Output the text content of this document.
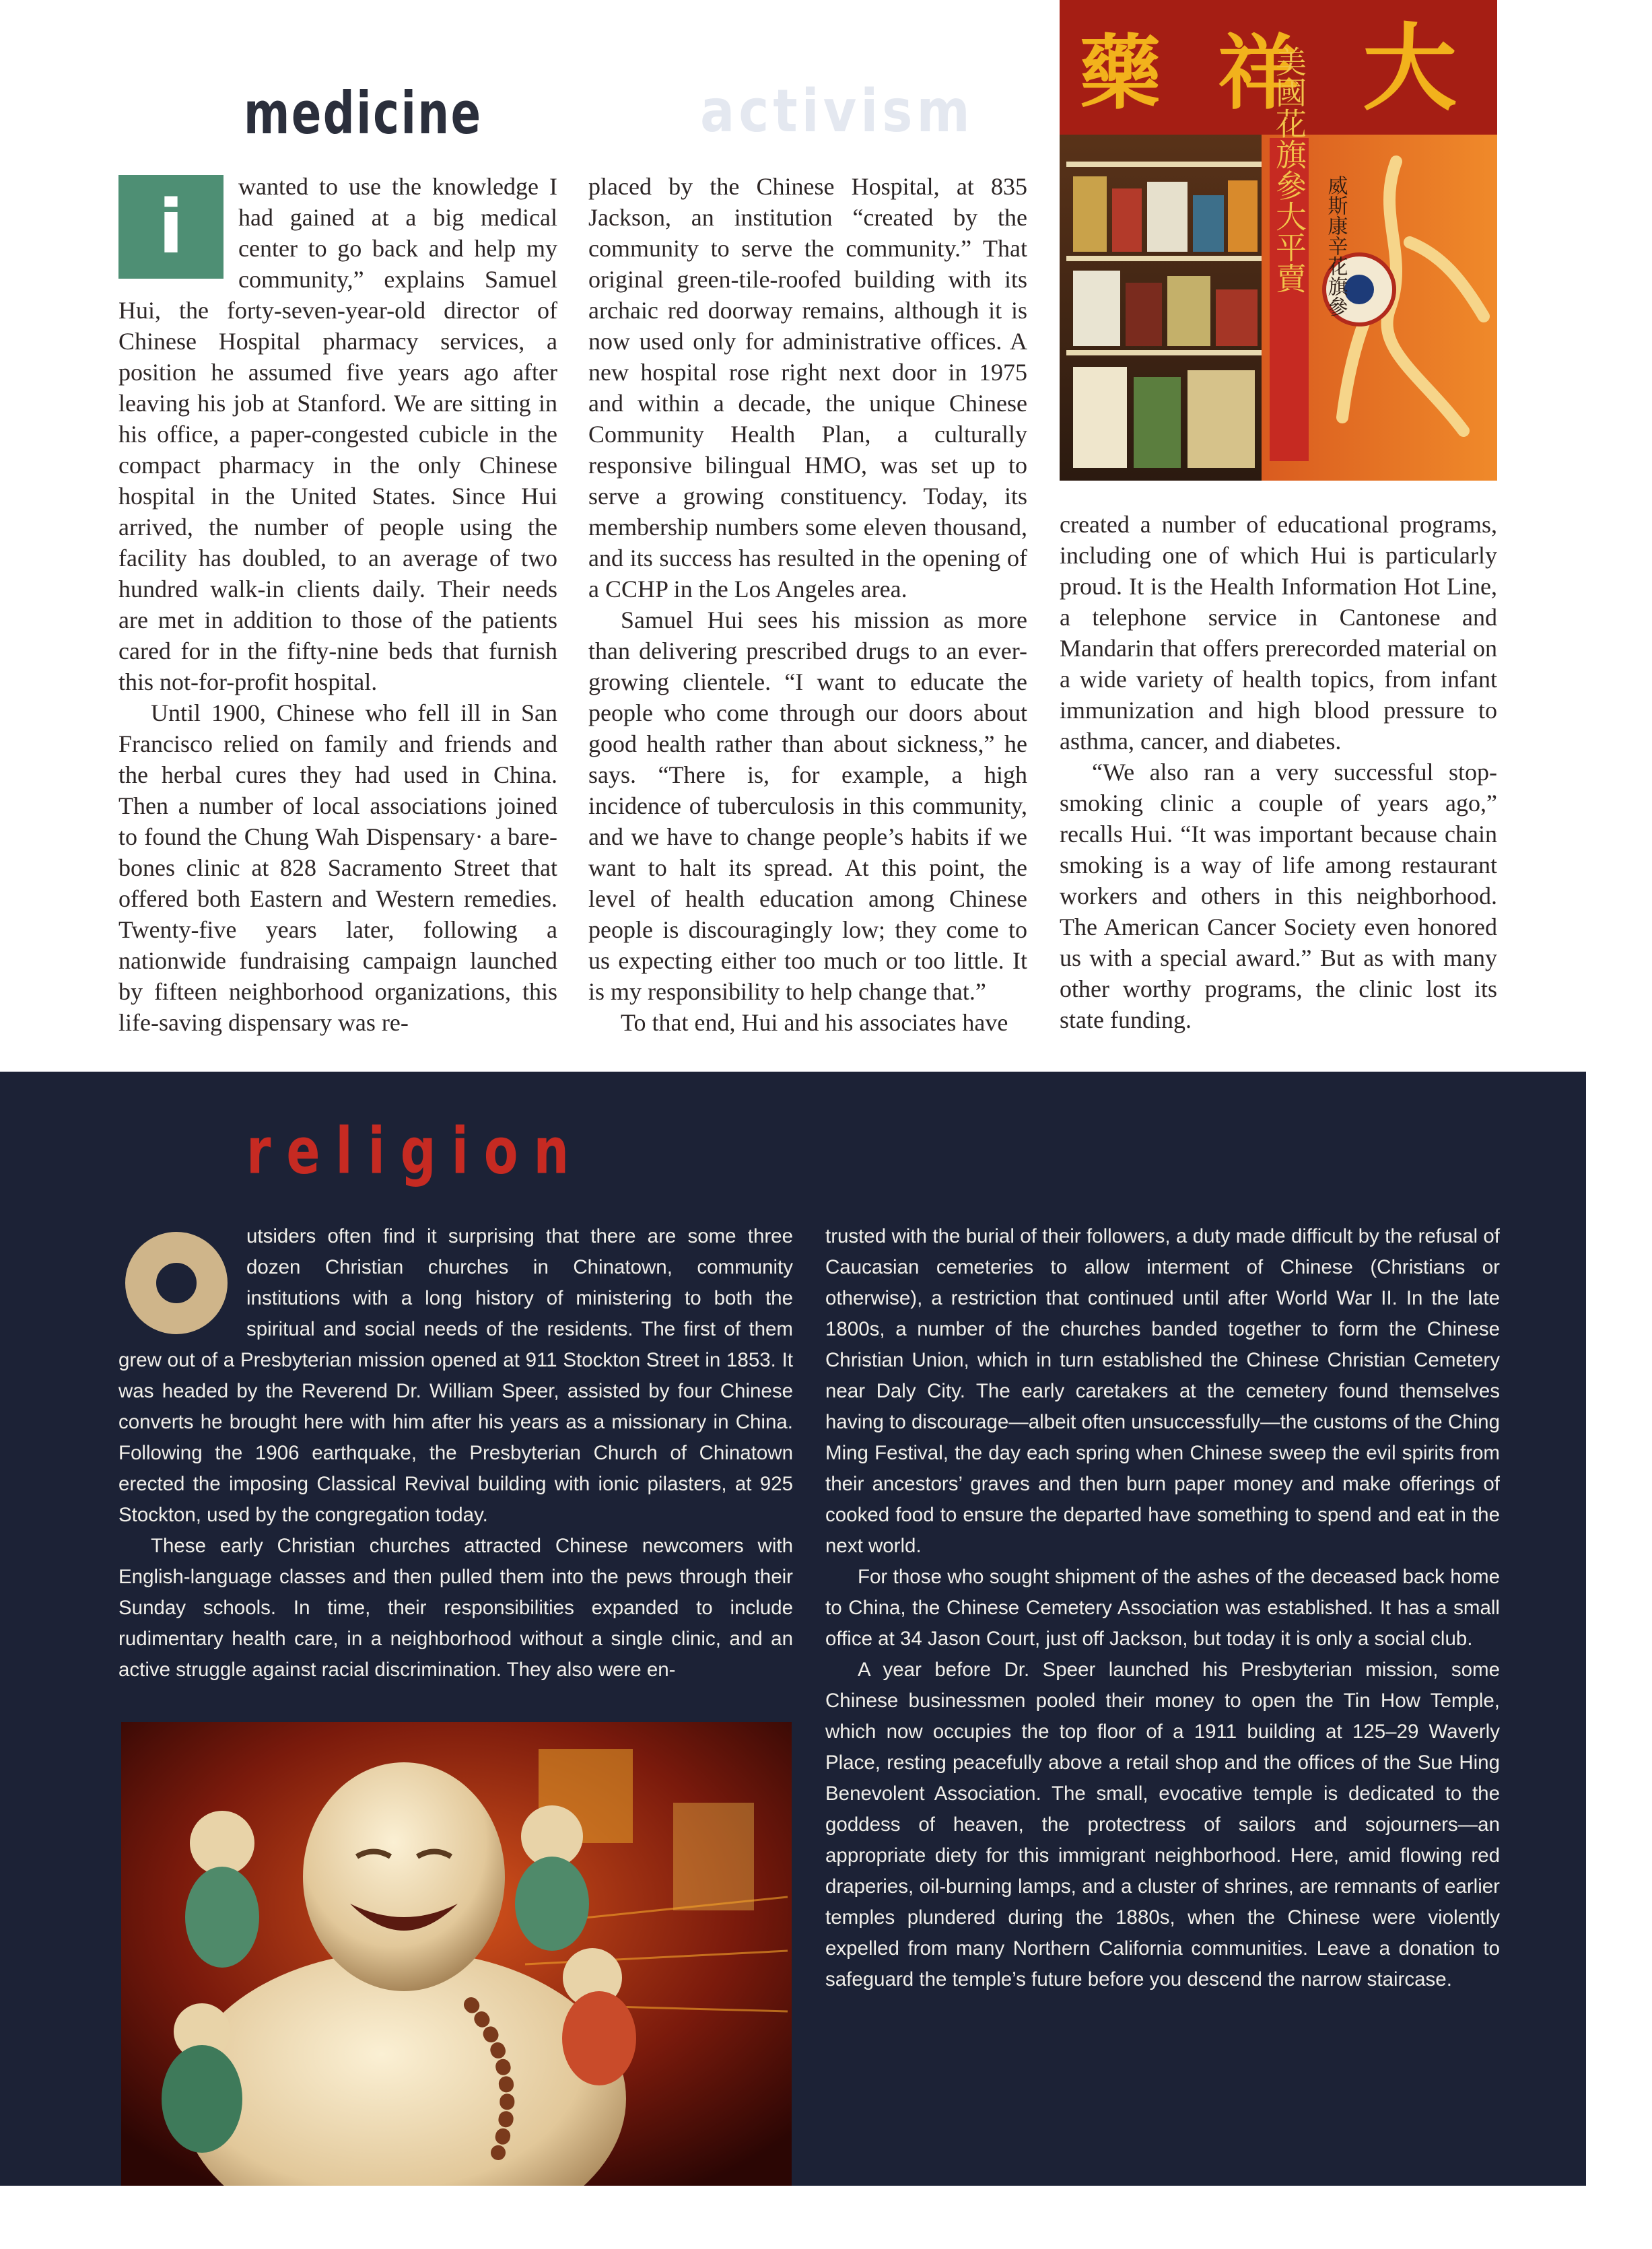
activism
medicine
i	wanted to use the knowledge I had gained at a big medical center to go back and help my community,” explains Samuel Hui, the forty-seven-year-old director of Chinese Hospital pharmacy services, a position he assumed five years ago after leaving his job at Stanford. We are sitting in his office, a paper-congested cubicle in the compact pharmacy in the only Chinese hospital in the United States. Since Hui arrived, the number of people using the facility has doubled, to an average of two hundred walk-in clients daily. Their needs are met in addition to those of the patients cared for in the fifty-nine beds that furnish this not-for-profit hospital.

Until 1900, Chinese who fell ill in San Francisco relied on family and friends and the herbal cures they had used in China. Then a number of local associations joined to found the Chung Wah Dispensary· a bare-bones clinic at 828 Sacramento Street that offered both Eastern and Western remedies. Twenty-five years later, following a nationwide fundraising campaign launched by fifteen neighborhood organizations, this life-saving dispensary was re-

placed by the Chinese Hospital, at 835 Jackson, an institution “created by the community to serve the community.” That original green-tile-roofed building with its archaic red doorway remains, although it is now used only for administrative offices. A new hospital rose right next door in 1975 and within a decade, the unique Chinese Community Health Plan, a culturally responsive bilingual HMO, was set up to serve a growing constituency. Today, its membership numbers some eleven thousand, and its success has resulted in the opening of a CCHP in the Los Angeles area.

Samuel Hui sees his mission as more than delivering prescribed drugs to an ever-growing clientele. “I want to educate the people who come through our doors about good health rather than about sickness,” he says. “There is, for example, a high incidence of tuberculosis in this community, and we have to change people’s habits if we want to halt its spread. At this point, the level of health education among Chinese people is discouragingly low; they come to us expecting either too much or too little. It is my responsibility to help change that.”

To that end, Hui and his associates have

藥 祥 大
美國花旗參大平賣 威斯康辛花旗參

created a number of educational programs, including one of which Hui is particularly proud. It is the Health Information Hot Line, a telephone service in Cantonese and Mandarin that offers prerecorded material on a wide variety of health topics, from infant immunization and high blood pressure to asthma, cancer, and diabetes.

“We also ran a very successful stop-smoking clinic a couple of years ago,” recalls Hui. “It was important because chain smoking is a way of life among restaurant workers and others in this neighborhood. The American Cancer Society even honored us with a special award.” But as with many other worthy programs, the clinic lost its state funding.

religion

utsiders often find it surprising that there are some three dozen Christian churches in Chinatown, community institutions with a long history of ministering to both the spiritual and social needs of the residents. The first of them grew out of a Presbyterian mission opened at 911 Stockton Street in 1853. It was headed by the Reverend Dr. William Speer, assisted by four Chinese converts he brought here with him after his years as a missionary in China. Following the 1906 earthquake, the Presbyterian Church of Chinatown erected the imposing Classical Revival building with ionic pilasters, at 925 Stockton, used by the congregation today.

These early Christian churches attracted Chinese newcomers with English-language classes and then pulled them into the pews through their Sunday schools. In time, their responsibilities expanded to include rudimentary health care, in a neighborhood without a single clinic, and an active struggle against racial discrimination. They also were en-

trusted with the burial of their followers, a duty made difficult by the refusal of Caucasian cemeteries to allow interment of Chinese (Christians or otherwise), a restriction that continued until after World War II. In the late 1800s, a number of the churches banded together to form the Chinese Christian Union, which in turn established the Chinese Christian Cemetery near Daly City. The early caretakers at the cemetery found themselves having to discourage—albeit often unsuccessfully—the customs of the Ching Ming Festival, the day each spring when Chinese sweep the evil spirits from their ancestors’ graves and then burn paper money and make offerings of cooked food to ensure the departed have something to spend and eat in the next world.

For those who sought shipment of the ashes of the deceased back home to China, the Chinese Cemetery Association was established. It has a small office at 34 Jason Court, just off Jackson, but today it is only a social club.

A year before Dr. Speer launched his Presbyterian mission, some Chinese businessmen pooled their money to open the Tin How Temple, which now occupies the top floor of a 1911 building at 125–29 Waverly Place, resting peacefully above a retail shop and the offices of the Sue Hing Benevolent Association. The small, evocative temple is dedicated to the goddess of heaven, the protectress of sailors and sojourners—an appropriate diety for this immigrant neighborhood. Here, amid flowing red draperies, oil-burning lamps, and a cluster of shrines, are remnants of earlier temples plundered during the 1880s, when the Chinese were violently expelled from many Northern California communities. Leave a donation to safeguard the temple’s future before you descend the narrow staircase.
